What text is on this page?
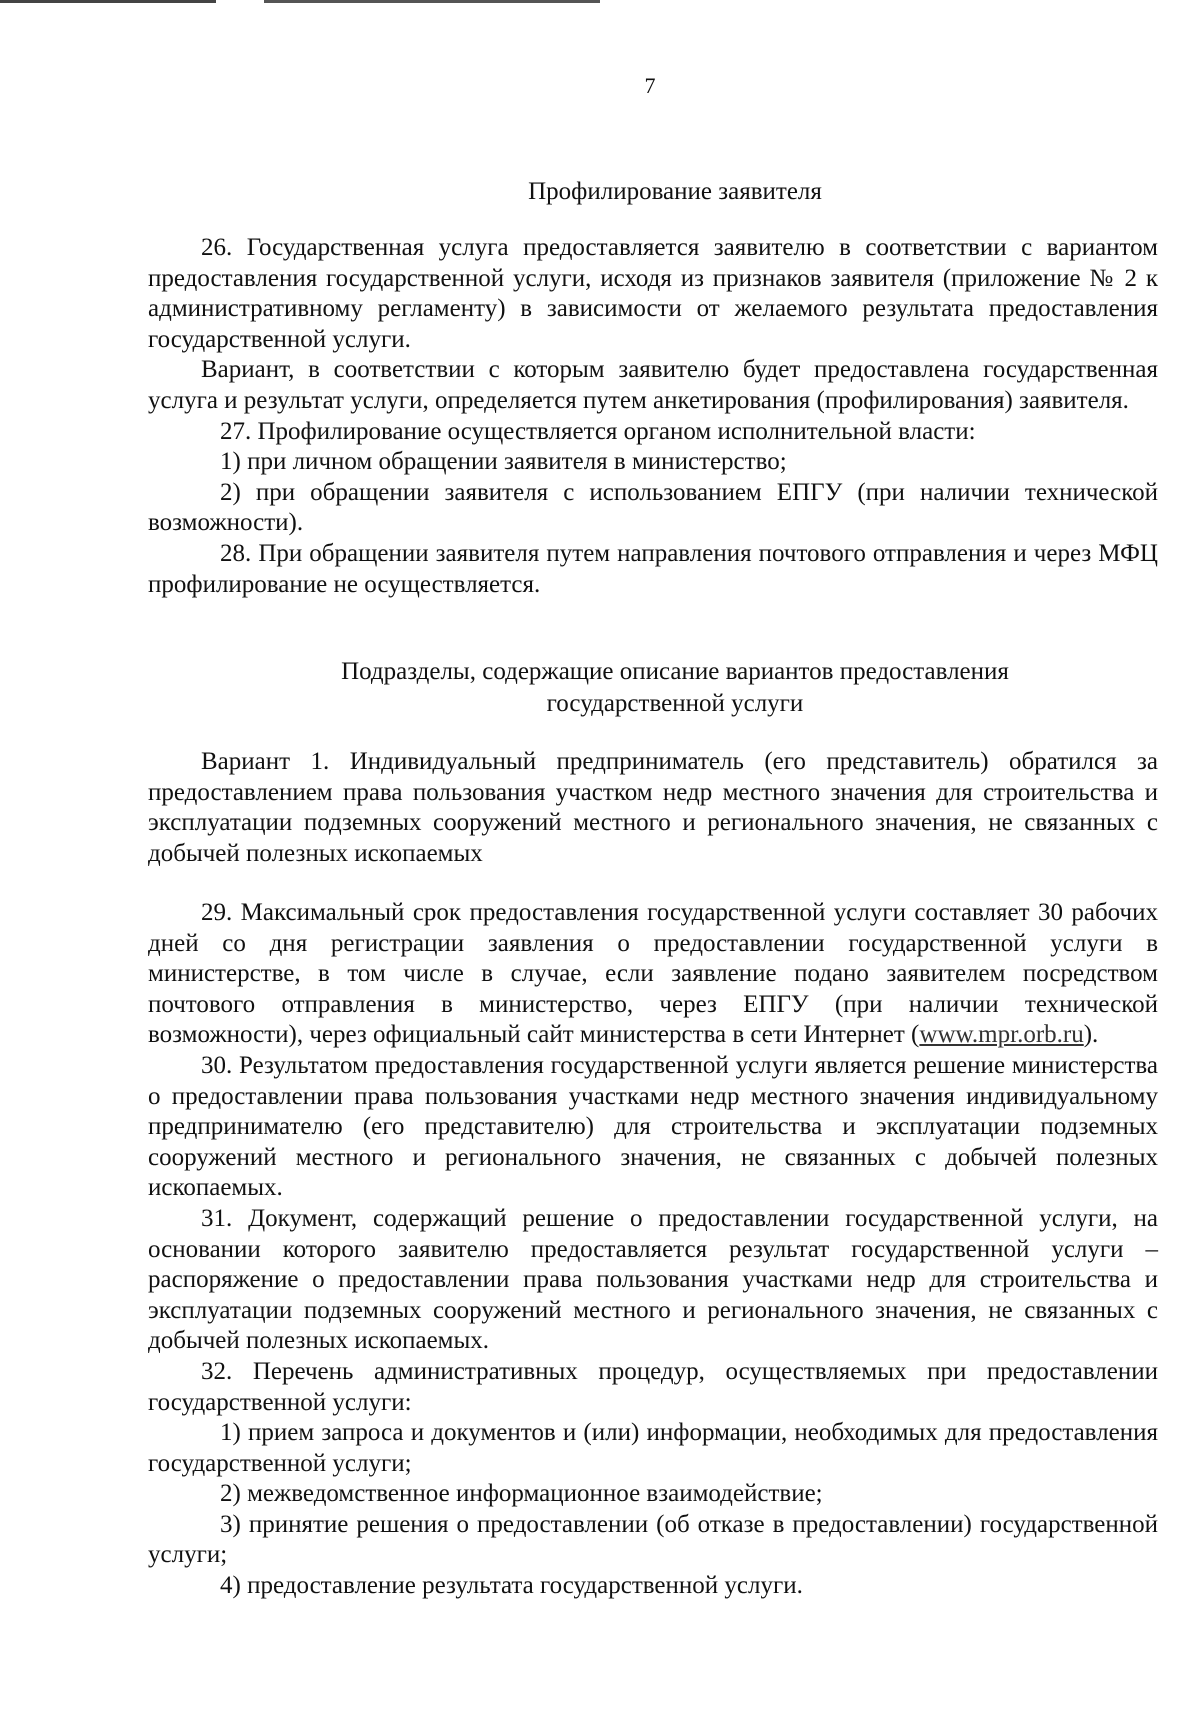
7
Профилирование заявителя

26. Государственная услуга предоставляется заявителю в соответствии с вариантом предоставления государственной услуги, исходя из признаков заявителя (приложение № 2 к административному регламенту) в зависимости от желаемого результата предоставления государственной услуги.

Вариант, в соответствии с которым заявителю будет предоставлена государственная услуга и результат услуги, определяется путем анкетирования (профилирования) заявителя.

27. Профилирование осуществляется органом исполнительной власти:

1) при личном обращении заявителя в министерство;

2) при обращении заявителя с использованием ЕПГУ (при наличии технической возможности).

28. При обращении заявителя путем направления почтового отправления и через МФЦ профилирование не осуществляется.

Подразделы, содержащие описание вариантов предоставления
государственной услуги

Вариант 1. Индивидуальный предприниматель (его представитель) обратился за предоставлением права пользования участком недр местного значения для строительства и эксплуатации подземных сооружений местного и регионального значения, не связанных с добычей полезных ископаемых

29. Максимальный срок предоставления государственной услуги составляет 30 рабочих дней со дня регистрации заявления о предоставлении государственной услуги в министерстве, в том числе в случае, если заявление подано заявителем посредством почтового отправления в министерство, через ЕПГУ (при наличии технической возможности), через официальный сайт министерства в сети Интернет (www.mpr.orb.ru).

30. Результатом предоставления государственной услуги является решение министерства о предоставлении права пользования участками недр местного значения индивидуальному предпринимателю (его представителю) для строительства и эксплуатации подземных сооружений местного и регионального значения, не связанных с добычей полезных ископаемых.

31. Документ, содержащий решение о предоставлении государственной услуги, на основании которого заявителю предоставляется результат государственной услуги – распоряжение о предоставлении права пользования участками недр для строительства и эксплуатации подземных сооружений местного и регионального значения, не связанных с добычей полезных ископаемых.

32. Перечень административных процедур, осуществляемых при предоставлении государственной услуги:

1) прием запроса и документов и (или) информации, необходимых для предоставления государственной услуги;

2) межведомственное информационное взаимодействие;

3) принятие решения о предоставлении (об отказе в предоставлении) государственной услуги;

4) предоставление результата государственной услуги.
